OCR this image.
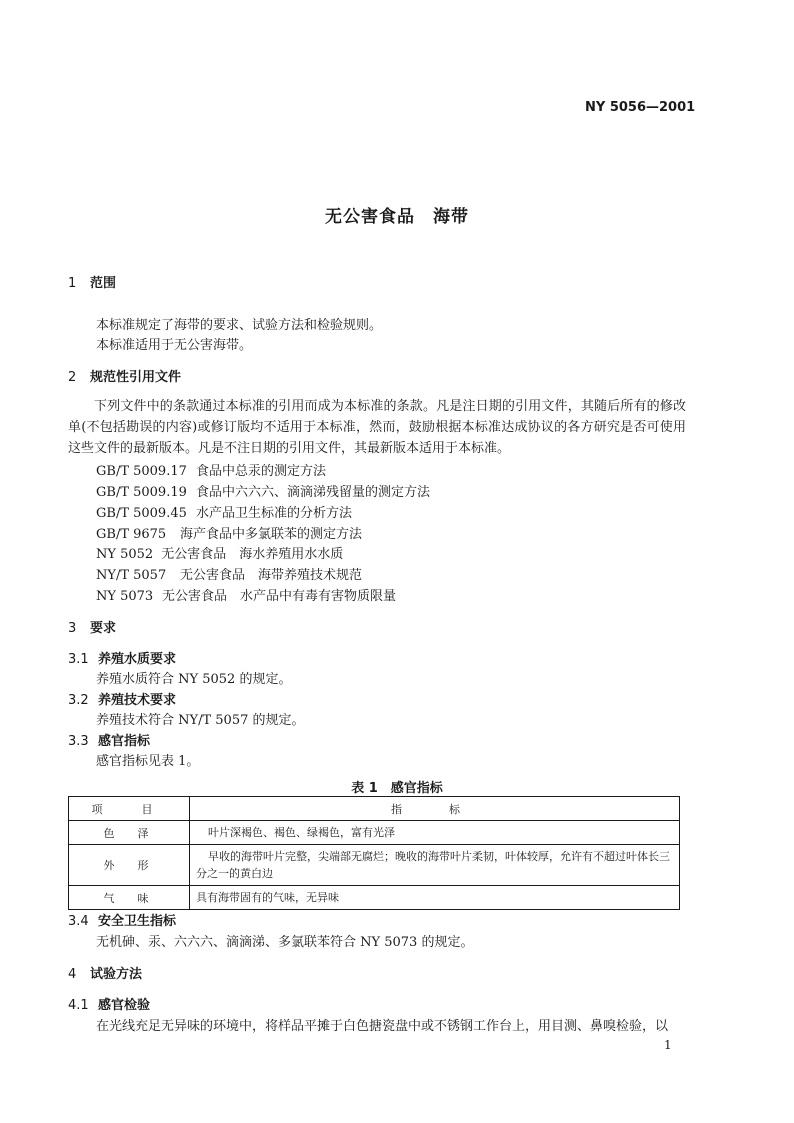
NY 5056—2001
无公害食品　海带
1 范围
本标准规定了海带的要求、试验方法和检验规则。
本标准适用于无公害海带。
2 规范性引用文件
下列文件中的条款通过本标准的引用而成为本标准的条款。凡是注日期的引用文件，其随后所有的修改单(不包括勘误的内容)或修订版均不适用于本标准，然而，鼓励根据本标准达成协议的各方研究是否可使用这些文件的最新版本。凡是不注日期的引用文件，其最新版本适用于本标准。
GB/T 5009.17 食品中总汞的测定方法
GB/T 5009.19 食品中六六六、滴滴涕残留量的测定方法
GB/T 5009.45 水产品卫生标准的分析方法
GB/T 9675 海产食品中多氯联苯的测定方法
NY 5052 无公害食品　海水养殖用水水质
NY/T 5057 无公害食品　海带养殖技术规范
NY 5073 无公害食品　水产品中有毒有害物质限量
3 要求
3.1 养殖水质要求
养殖水质符合 NY 5052 的规定。
3.2 养殖技术要求
养殖技术符合 NY/T 5057 的规定。
3.3 感官指标
感官指标见表 1。
表 1　感官指标
项　目	指　标
色　泽	叶片深褐色、褐色、绿褐色，富有光泽
外　形	早收的海带叶片完整，尖端部无腐烂；晚收的海带叶片柔韧，叶体较厚，允许有不超过叶体长三分之一的黄白边
气　味	具有海带固有的气味，无异味
3.4 安全卫生指标
无机砷、汞、六六六、滴滴涕、多氯联苯符合 NY 5073 的规定。
4 试验方法
4.1 感官检验
在光线充足无异味的环境中，将样品平摊于白色搪瓷盘中或不锈钢工作台上，用目测、鼻嗅检验，以
1
